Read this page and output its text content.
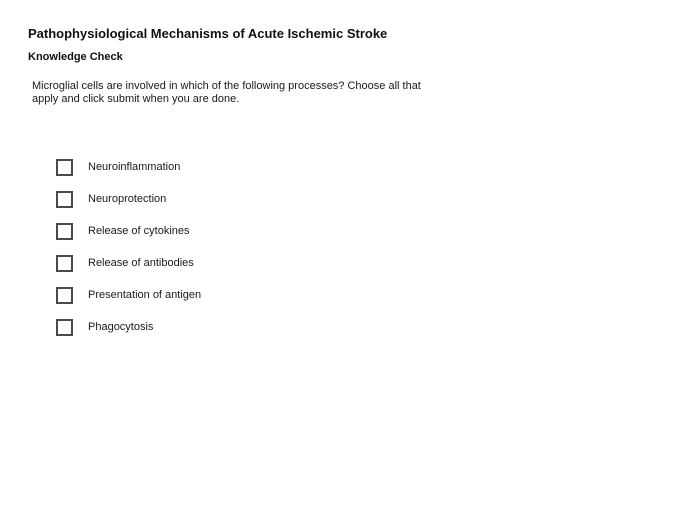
Pathophysiological Mechanisms of Acute Ischemic Stroke
Knowledge Check
Microglial cells are involved in which of the following processes? Choose all that
apply and click submit when you are done.
Neuroinflammation
Neuroprotection
Release of cytokines
Release of antibodies
Presentation of antigen
Phagocytosis
